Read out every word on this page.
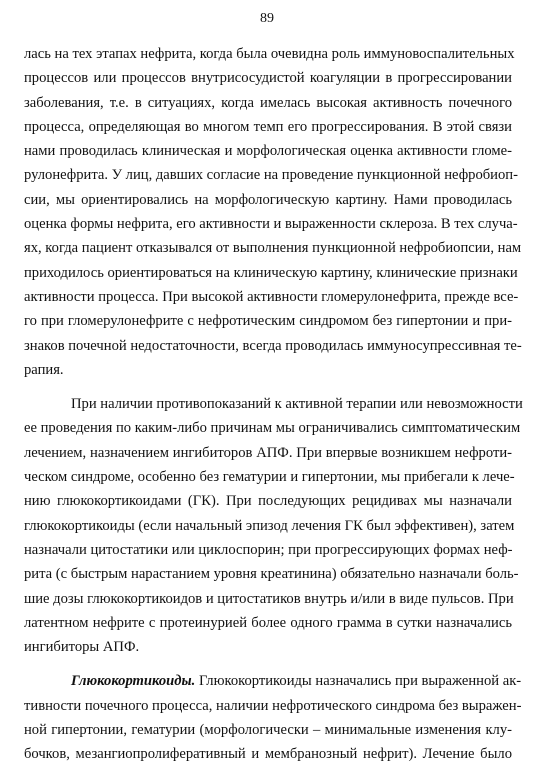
89
лась на тех этапах нефрита, когда была очевидна роль иммуновоспалительных
процессов или процессов внутрисосудистой коагуляции в прогрессировании
заболевания, т.е. в ситуациях, когда имелась высокая активность почечного
процесса, определяющая во многом темп его прогрессирования. В этой связи
нами проводилась клиническая и морфологическая оценка активности гломе-
рулонефрита. У лиц, давших согласие на проведение пункционной нефробиоп-
сии, мы ориентировались на морфологическую картину. Нами проводилась
оценка формы нефрита, его активности и выраженности склероза. В тех случа-
ях, когда пациент отказывался от выполнения пункционной нефробиопсии, нам
приходилось ориентироваться на клиническую картину, клинические признаки
активности процесса. При высокой активности гломерулонефрита, прежде все-
го при гломерулонефрите с нефротическим синдромом без гипертонии и при-
знаков почечной недостаточности, всегда проводилась иммуносупрессивная те-
рапия.
При наличии противопоказаний к активной терапии или невозможности
ее проведения по каким-либо причинам мы ограничивались симптоматическим
лечением, назначением ингибиторов АПФ. При впервые возникшем нефроти-
ческом синдроме, особенно без гематурии и гипертонии, мы прибегали к лече-
нию глюкокортикоидами (ГК). При последующих рецидивах мы назначали
глюкокортикоиды (если начальный эпизод лечения ГК был эффективен), затем
назначали цитостатики или циклоспорин; при прогрессирующих формах неф-
рита (с быстрым нарастанием уровня креатинина) обязательно назначали боль-
шие дозы глюкокортикоидов и цитостатиков внутрь и/или в виде пульсов. При
латентном нефрите с протеинурией более одного грамма в сутки назначались
ингибиторы АПФ.
Глюкокортикоиды. Глюкокортикоиды назначались при выраженной ак-
тивности почечного процесса, наличии нефротического синдрома без выражен-
ной гипертонии, гематурии (морфологически – минимальные изменения клу-
бочков, мезангиопролиферативный и мембранозный нефрит). Лечение было
